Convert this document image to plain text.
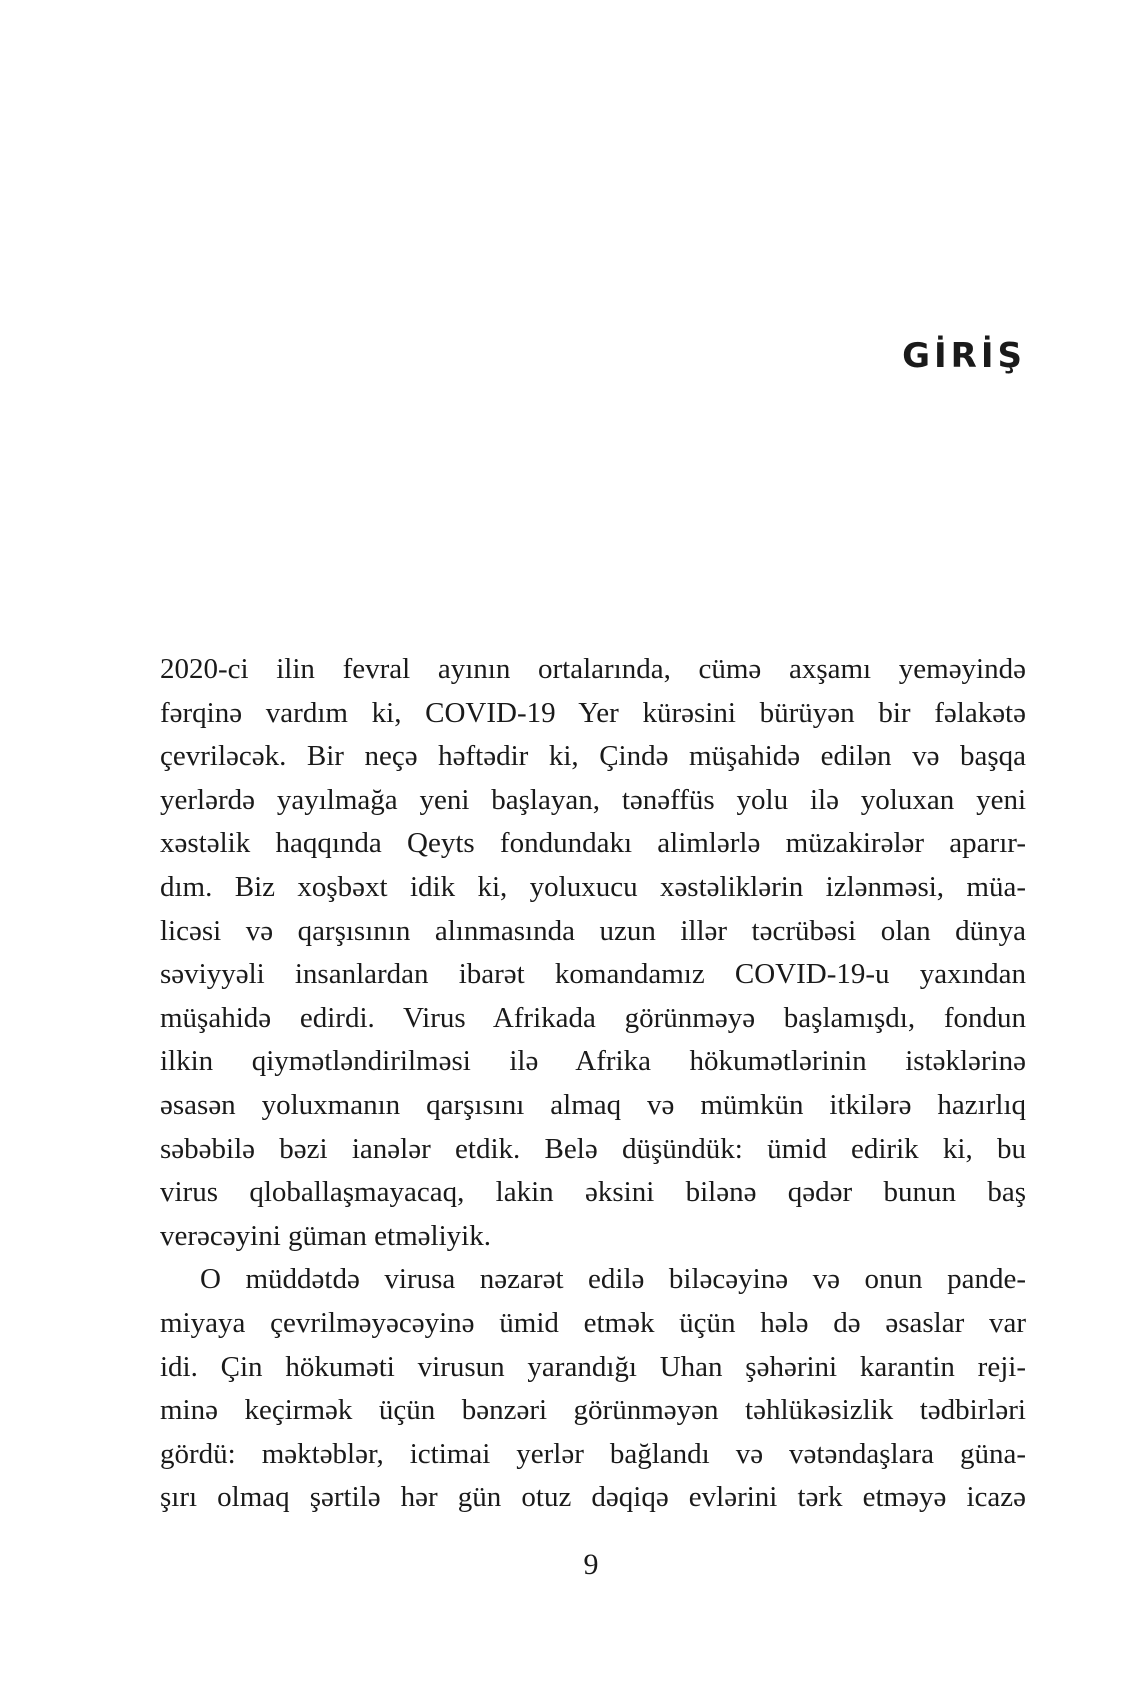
GİRİŞ
2020-ci ilin fevral ayının ortalarında, cümə axşamı yeməyində
fərqinə vardım ki, COVID-19 Yer kürəsini bürüyən bir fəlakətə
çevriləcək. Bir neçə həftədir ki, Çində müşahidə edilən və başqa
yerlərdə yayılmağa yeni başlayan, tənəffüs yolu ilə yoluxan yeni
xəstəlik haqqında Qeyts fondundakı alimlərlə müzakirələr aparır-
dım. Biz xoşbəxt idik ki, yoluxucu xəstəliklərin izlənməsi, müa-
licəsi və qarşısının alınmasında uzun illər təcrübəsi olan dünya
səviyyəli insanlardan ibarət komandamız COVID-19-u yaxından
müşahidə edirdi. Virus Afrikada görünməyə başlamışdı, fondun
ilkin qiymətləndirilməsi ilə Afrika hökumətlərinin istəklərinə
əsasən yoluxmanın qarşısını almaq və mümkün itkilərə hazırlıq
səbəbilə bəzi ianələr etdik. Belə düşündük: ümid edirik ki, bu
virus qloballaşmayacaq, lakin əksini bilənə qədər bunun baş
verəcəyini güman etməliyik.
O müddətdə virusa nəzarət edilə biləcəyinə və onun pande-
miyaya çevrilməyəcəyinə ümid etmək üçün hələ də əsaslar var
idi. Çin hökuməti virusun yarandığı Uhan şəhərini karantin reji-
minə keçirmək üçün bənzəri görünməyən təhlükəsizlik tədbirləri
gördü: məktəblər, ictimai yerlər bağlandı və vətəndaşlara güna-
şırı olmaq şərtilə hər gün otuz dəqiqə evlərini tərk etməyə icazə
9
